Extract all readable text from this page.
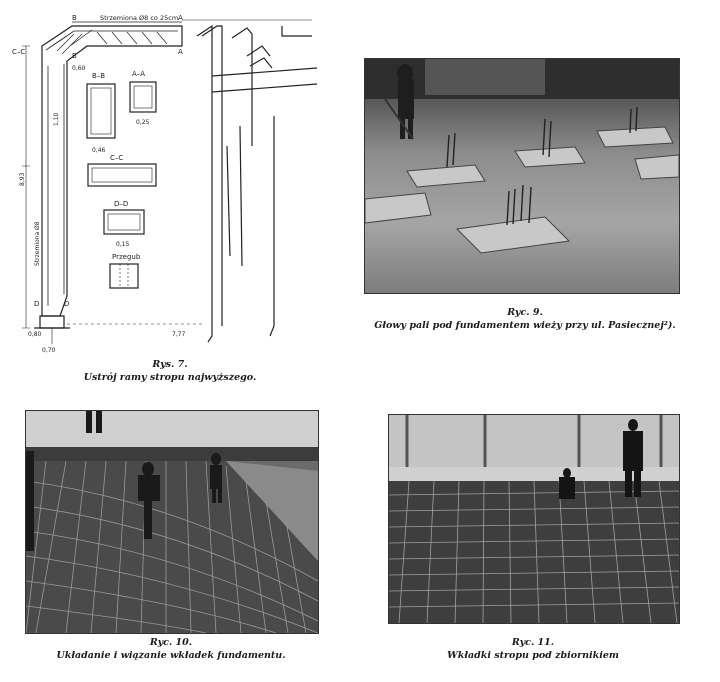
B	A
A
B
C–C
D	D
Strzemiona Ø8 co 25cm
Strzemiona Ø8
B–B	A–A
C–C
D–D
Przegub
0,60
0,46
0,25
0,15
0,70
0,80	7,77
8,93
1,10
Rys. 7.
Ustrój ramy stropu najwyższego.
Ryc. 9.
Głowy pali pod fundamentem wieży przy ul. Pasiecznej²).
Ryc. 10.
Układanie i wiązanie wkładek fundamentu.
Ryc. 11.
Wkładki stropu pod zbiornikiem
